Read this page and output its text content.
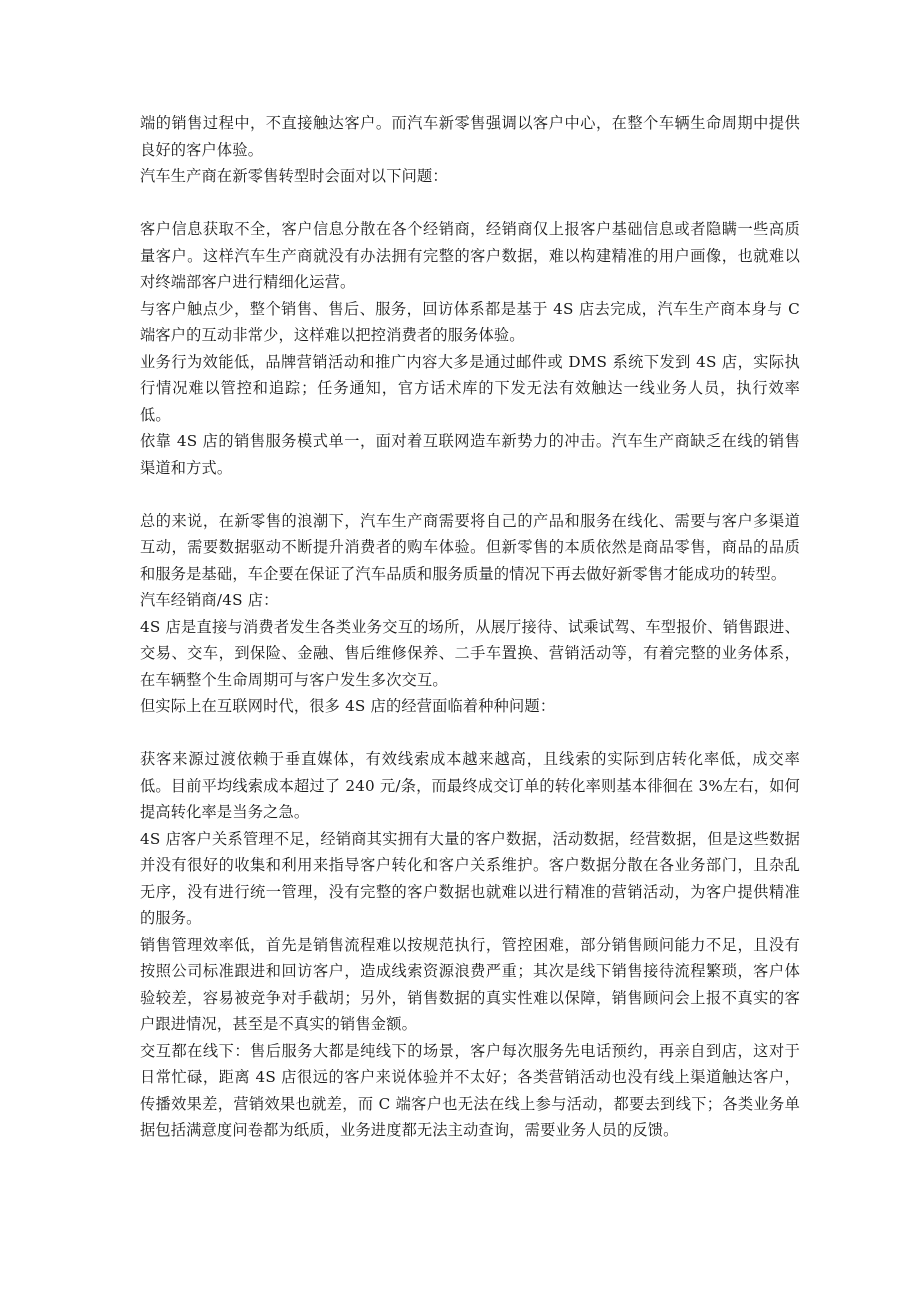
端的销售过程中，不直接触达客户。而汽车新零售强调以客户中心，在整个车辆生命周期中提供良好的客户体验。

汽车生产商在新零售转型时会面对以下问题：

客户信息获取不全，客户信息分散在各个经销商，经销商仅上报客户基础信息或者隐瞒一些高质量客户。这样汽车生产商就没有办法拥有完整的客户数据，难以构建精准的用户画像，也就难以对终端部客户进行精细化运营。

与客户触点少，整个销售、售后、服务，回访体系都是基于 4S 店去完成，汽车生产商本身与 C 端客户的互动非常少，这样难以把控消费者的服务体验。

业务行为效能低，品牌营销活动和推广内容大多是通过邮件或 DMS 系统下发到 4S 店，实际执行情况难以管控和追踪；任务通知，官方话术库的下发无法有效触达一线业务人员，执行效率低。

依靠 4S 店的销售服务模式单一，面对着互联网造车新势力的冲击。汽车生产商缺乏在线的销售渠道和方式。

总的来说，在新零售的浪潮下，汽车生产商需要将自己的产品和服务在线化、需要与客户多渠道互动，需要数据驱动不断提升消费者的购车体验。但新零售的本质依然是商品零售，商品的品质和服务是基础，车企要在保证了汽车品质和服务质量的情况下再去做好新零售才能成功的转型。

汽车经销商/4S 店：

4S 店是直接与消费者发生各类业务交互的场所，从展厅接待、试乘试驾、车型报价、销售跟进、交易、交车，到保险、金融、售后维修保养、二手车置换、营销活动等，有着完整的业务体系，在车辆整个生命周期可与客户发生多次交互。

但实际上在互联网时代，很多 4S 店的经营面临着种种问题：

获客来源过渡依赖于垂直媒体，有效线索成本越来越高，且线索的实际到店转化率低，成交率低。目前平均线索成本超过了 240 元/条，而最终成交订单的转化率则基本徘徊在 3%左右，如何提高转化率是当务之急。

4S 店客户关系管理不足，经销商其实拥有大量的客户数据，活动数据，经营数据，但是这些数据并没有很好的收集和利用来指导客户转化和客户关系维护。客户数据分散在各业务部门，且杂乱无序，没有进行统一管理，没有完整的客户数据也就难以进行精准的营销活动，为客户提供精准的服务。

销售管理效率低，首先是销售流程难以按规范执行，管控困难，部分销售顾问能力不足，且没有按照公司标准跟进和回访客户，造成线索资源浪费严重；其次是线下销售接待流程繁琐，客户体验较差，容易被竞争对手截胡；另外，销售数据的真实性难以保障，销售顾问会上报不真实的客户跟进情况，甚至是不真实的销售金额。

交互都在线下：售后服务大都是纯线下的场景，客户每次服务先电话预约，再亲自到店，这对于日常忙碌，距离 4S 店很远的客户来说体验并不太好；各类营销活动也没有线上渠道触达客户，传播效果差，营销效果也就差，而 C 端客户也无法在线上参与活动，都要去到线下；各类业务单据包括满意度问卷都为纸质，业务进度都无法主动查询，需要业务人员的反馈。
